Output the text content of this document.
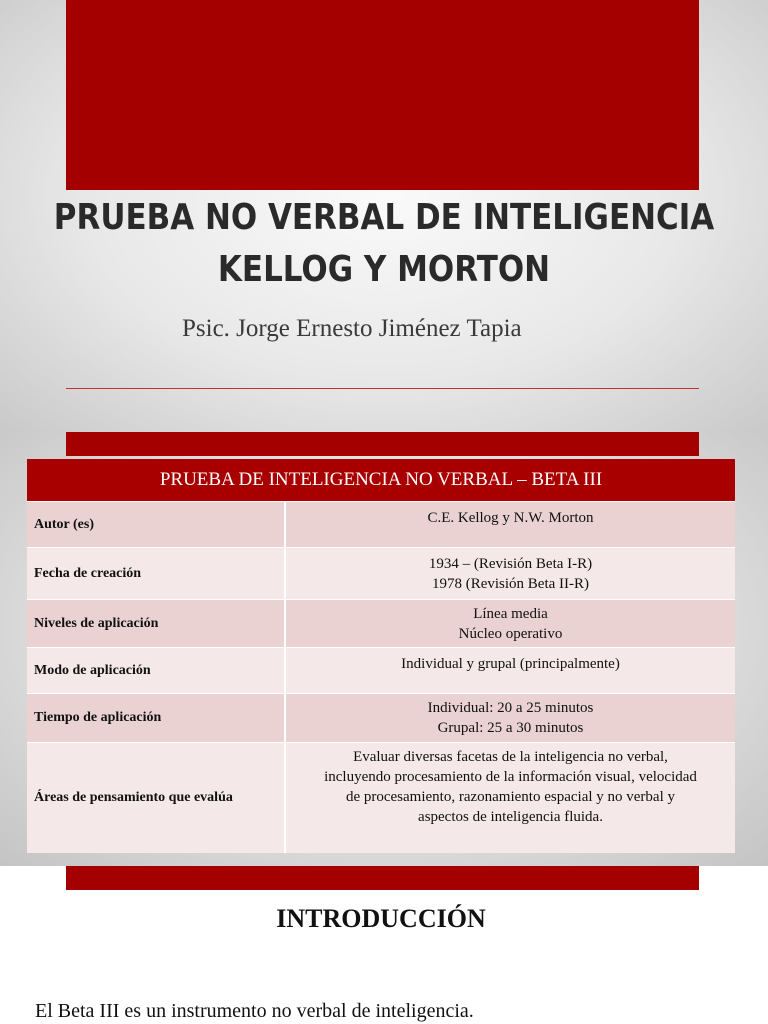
PRUEBA NO VERBAL DE INTELIGENCIA
KELLOG Y MORTON
Psic. Jorge Ernesto Jiménez Tapia
PRUEBA DE INTELIGENCIA NO VERBAL – BETA III
Autor (es)	C.E. Kellog y N.W. Morton
Fecha de creación
1934 – (Revisión Beta I-R)
1978 (Revisión Beta II-R)
Niveles de aplicación
Línea media
Núcleo operativo
Modo de aplicación	Individual y grupal (principalmente)
Tiempo de aplicación
Individual: 20 a 25 minutos
Grupal: 25 a 30 minutos
Áreas de pensamiento que evalúa
Evaluar diversas facetas de la inteligencia no verbal,
incluyendo procesamiento de la información visual, velocidad
de procesamiento, razonamiento espacial y no verbal y
aspectos de inteligencia fluida.
INTRODUCCIÓN
El Beta III es un instrumento no verbal de inteligencia.
